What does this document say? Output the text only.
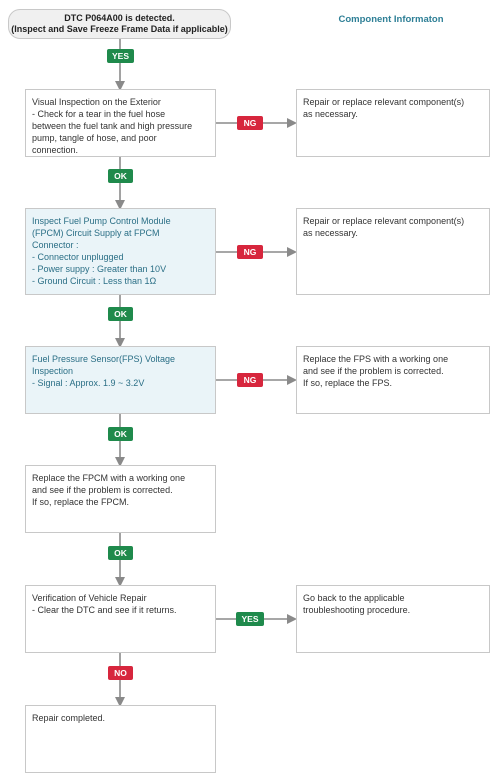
DTC P064A00 is detected.
(Inspect and Save Freeze Frame Data if applicable)
Component Informaton
YES
OK
OK
OK
OK
NO
NG
NG
NG
YES
Visual Inspection on the Exterior
- Check for a tear in the fuel hose
between the fuel tank and high pressure
pump, tangle of hose, and poor
connection.
Repair or replace relevant component(s)
as necessary.
Inspect Fuel Pump Control Module
(FPCM) Circuit Supply at FPCM
Connector :
- Connector unplugged
- Power suppy : Greater than 10V
- Ground Circuit : Less than 1Ω
Repair or replace relevant component(s)
as necessary.
Fuel Pressure Sensor(FPS) Voltage
Inspection
- Signal : Approx. 1.9 ~ 3.2V
Replace the FPS with a working one
and see if the problem is corrected.
If so, replace the FPS.
Replace the FPCM with a working one
and see if the problem is corrected.
If so, replace the FPCM.
Verification of Vehicle Repair
- Clear the DTC and see if it returns.
Go back to the applicable
troubleshooting procedure.
Repair completed.
